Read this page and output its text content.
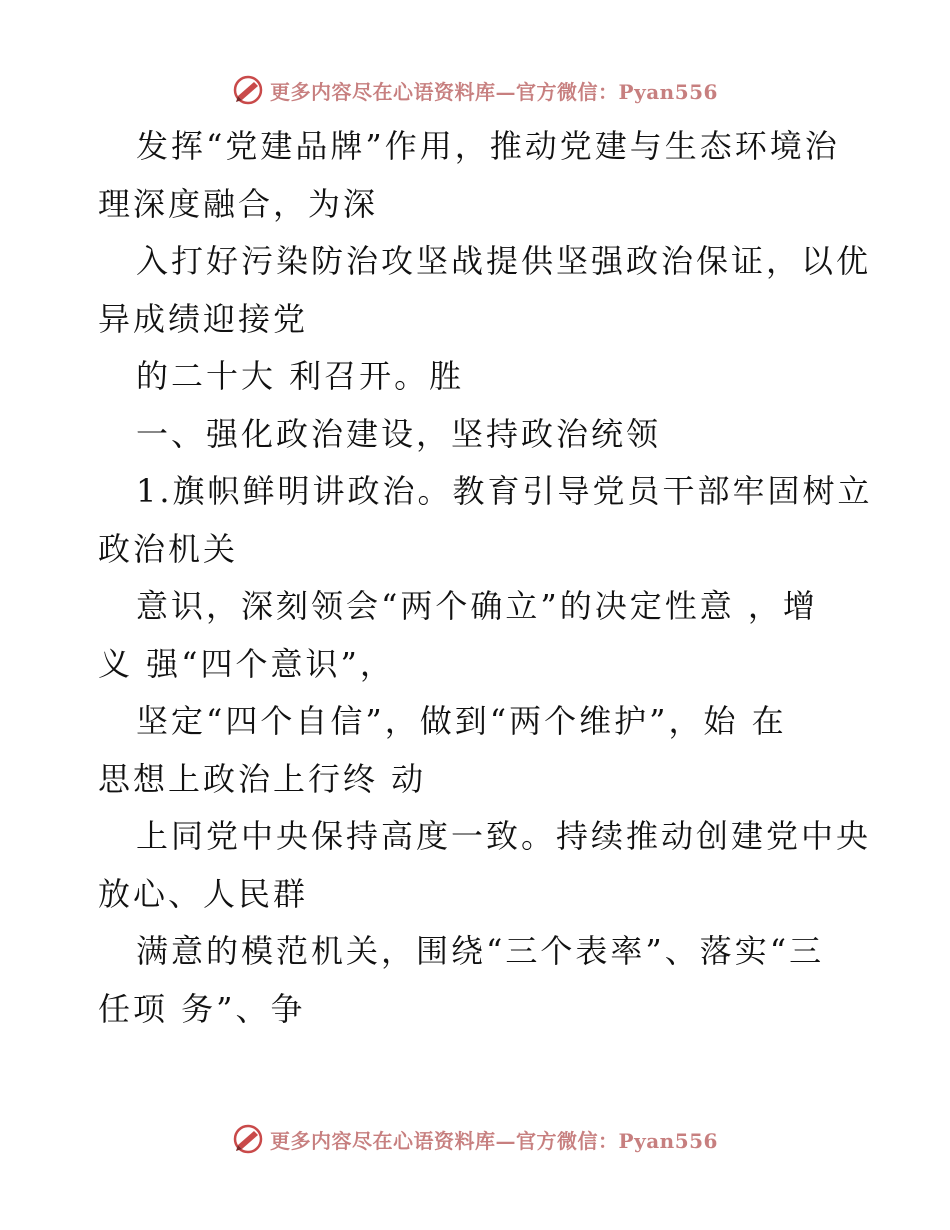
更多内容尽在心语资料库—官方微信：Pyan556
发挥“党建品牌”作用，推动党建与生态环境治
理深度融合，为深
入打好污染防治攻坚战提供坚强政治保证，以优
异成绩迎接党
的二十大 利召开。胜
一、强化政治建设，坚持政治统领
1.旗帜鲜明讲政治。教育引导党员干部牢固树立
政治机关
意识，深刻领会“两个确立”的决定性意 ，增
义 强“四个意识”，
坚定“四个自信”，做到“两个维护”，始 在
思想上政治上行终 动
上同党中央保持高度一致。持续推动创建党中央
放心、人民群
满意的模范机关，围绕“三个表率”、落实“三
任项 务”、争
更多内容尽在心语资料库—官方微信：Pyan556
